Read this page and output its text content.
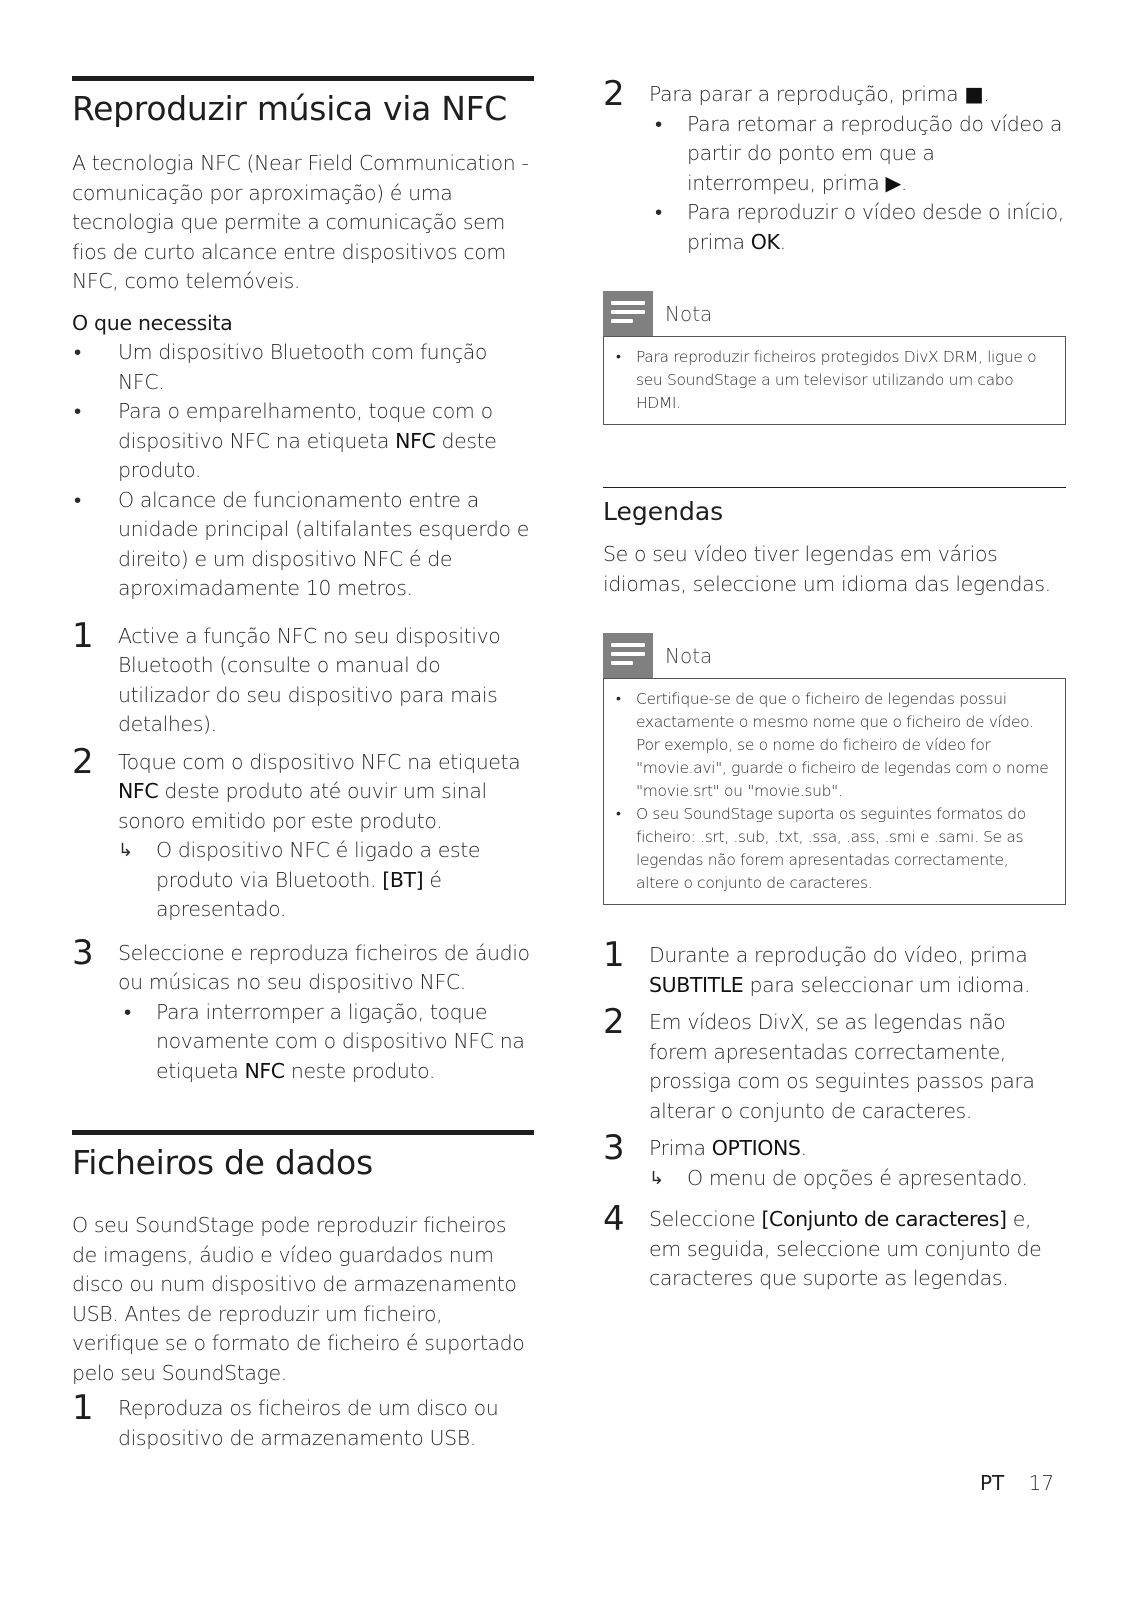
Reproduzir música via NFC

A tecnologia NFC (Near Field Communication - comunicação por aproximação) é uma tecnologia que permite a comunicação sem fios de curto alcance entre dispositivos com NFC, como telemóveis.

O que necessita
• Um dispositivo Bluetooth com função NFC.
• Para o emparelhamento, toque com o dispositivo NFC na etiqueta NFC deste produto.
• O alcance de funcionamento entre a unidade principal (altifalantes esquerdo e direito) e um dispositivo NFC é de aproximadamente 10 metros.
1 Active a função NFC no seu dispositivo Bluetooth (consulte o manual do utilizador do seu dispositivo para mais detalhes).
2 Toque com o dispositivo NFC na etiqueta NFC deste produto até ouvir um sinal sonoro emitido por este produto.
↳ O dispositivo NFC é ligado a este produto via Bluetooth. [BT] é apresentado.
3 Seleccione e reproduza ficheiros de áudio ou músicas no seu dispositivo NFC.
• Para interromper a ligação, toque novamente com o dispositivo NFC na etiqueta NFC neste produto.
Ficheiros de dados

O seu SoundStage pode reproduzir ficheiros de imagens, áudio e vídeo guardados num disco ou num dispositivo de armazenamento USB. Antes de reproduzir um ficheiro, verifique se o formato de ficheiro é suportado pelo seu SoundStage.

1 Reproduza os ficheiros de um disco ou dispositivo de armazenamento USB.
2 Para parar a reprodução, prima ■.
• Para retomar a reprodução do vídeo a partir do ponto em que a interrompeu, prima ▶.
• Para reproduzir o vídeo desde o início, prima OK.
Nota
• Para reproduzir ficheiros protegidos DivX DRM, ligue o seu SoundStage a um televisor utilizando um cabo HDMI.
Legendas

Se o seu vídeo tiver legendas em vários idiomas, seleccione um idioma das legendas.

Nota
• Certifique-se de que o ficheiro de legendas possui exactamente o mesmo nome que o ficheiro de vídeo. Por exemplo, se o nome do ficheiro de vídeo for "movie.avi", guarde o ficheiro de legendas com o nome "movie.srt" ou "movie.sub".
• O seu SoundStage suporta os seguintes formatos do ficheiro: .srt, .sub, .txt, .ssa, .ass, .smi e .sami. Se as legendas não forem apresentadas correctamente, altere o conjunto de caracteres.
1 Durante a reprodução do vídeo, prima SUBTITLE para seleccionar um idioma.
2 Em vídeos DivX, se as legendas não forem apresentadas correctamente, prossiga com os seguintes passos para alterar o conjunto de caracteres.
3 Prima OPTIONS.
↳ O menu de opções é apresentado.
4 Seleccione [Conjunto de caracteres] e, em seguida, seleccione um conjunto de caracteres que suporte as legendas.
PT 17
